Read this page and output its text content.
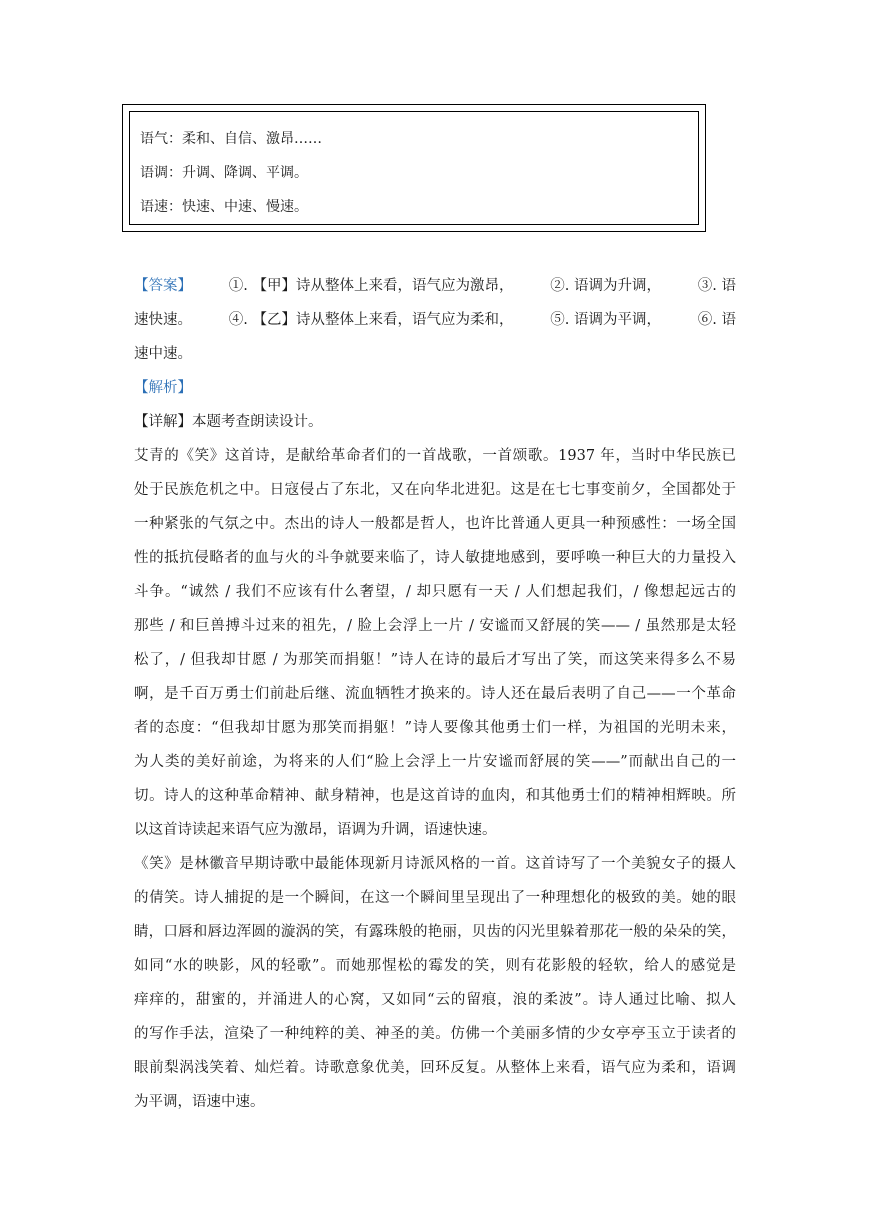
语气：柔和、自信、激昂……
语调：升调、降调、平调。
语速：快速、中速、慢速。
【答案】	①. 【甲】诗从整体上来看，语气应为激昂，	②. 语调为升调，	③. 语
速快速。	④. 【乙】诗从整体上来看，语气应为柔和，	⑤. 语调为平调，	⑥. 语
速中速。
【解析】
【详解】本题考查朗读设计。
艾青的《笑》这首诗，是献给革命者们的一首战歌，一首颂歌。1937 年，当时中华民族已
处于民族危机之中。日寇侵占了东北，又在向华北进犯。这是在七七事变前夕，全国都处于
一种紧张的气氛之中。杰出的诗人一般都是哲人，也许比普通人更具一种预感性：一场全国
性的抵抗侵略者的血与火的斗争就要来临了，诗人敏捷地感到，要呼唤一种巨大的力量投入
斗争。“诚然 / 我们不应该有什么奢望，/ 却只愿有一天 / 人们想起我们，/ 像想起远古的
那些 / 和巨兽搏斗过来的祖先，/ 脸上会浮上一片 / 安谧而又舒展的笑—— / 虽然那是太轻
松了，/ 但我却甘愿 / 为那笑而捐躯！”诗人在诗的最后才写出了笑，而这笑来得多么不易
啊，是千百万勇士们前赴后继、流血牺牲才换来的。诗人还在最后表明了自己——一个革命
者的态度：“但我却甘愿为那笑而捐躯！”诗人要像其他勇士们一样，为祖国的光明未来，
为人类的美好前途，为将来的人们“脸上会浮上一片安谧而舒展的笑——”而献出自己的一
切。诗人的这种革命精神、献身精神，也是这首诗的血肉，和其他勇士们的精神相辉映。所
以这首诗读起来语气应为激昂，语调为升调，语速快速。
《笑》是林徽音早期诗歌中最能体现新月诗派风格的一首。这首诗写了一个美貌女子的摄人
的倩笑。诗人捕捉的是一个瞬间，在这一个瞬间里呈现出了一种理想化的极致的美。她的眼
睛，口唇和唇边浑圆的漩涡的笑，有露珠般的艳丽，贝齿的闪光里躲着那花一般的朵朵的笑，
如同“水的映影，风的轻歌”。而她那惺松的霉发的笑，则有花影般的轻软，给人的感觉是
痒痒的，甜蜜的，并涌进人的心窝，又如同“云的留痕，浪的柔波”。诗人通过比喻、拟人
的写作手法，渲染了一种纯粹的美、神圣的美。仿佛一个美丽多情的少女亭亭玉立于读者的
眼前梨涡浅笑着、灿烂着。诗歌意象优美，回环反复。从整体上来看，语气应为柔和，语调
为平调，语速中速。
